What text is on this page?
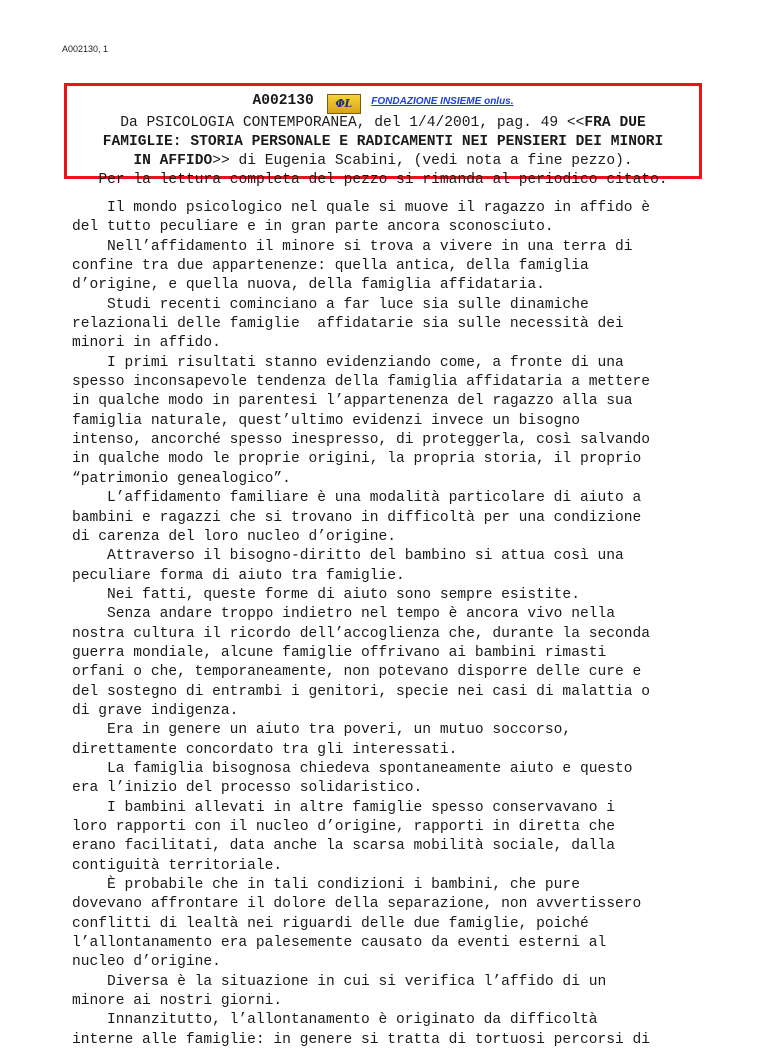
A002130, 1
A002130 ΦL FONDAZIONE INSIEME onlus.
Da PSICOLOGIA CONTEMPORANEA, del 1/4/2001, pag. 49 <<FRA DUE
FAMIGLIE: STORIA PERSONALE E RADICAMENTI NEI PENSIERI DEI MINORI
IN AFFIDO>> di Eugenia Scabini, (vedi nota a fine pezzo).
Per la lettura completa del pezzo si rimanda al periodico citato.
Il mondo psicologico nel quale si muove il ragazzo in affido è
del tutto peculiare e in gran parte ancora sconosciuto.
Nell’affidamento il minore si trova a vivere in una terra di
confine tra due appartenenze: quella antica, della famiglia
d’origine, e quella nuova, della famiglia affidataria.
Studi recenti cominciano a far luce sia sulle dinamiche
relazionali delle famiglie  affidatarie sia sulle necessità dei
minori in affido.
I primi risultati stanno evidenziando come, a fronte di una
spesso inconsapevole tendenza della famiglia affidataria a mettere
in qualche modo in parentesi l’appartenenza del ragazzo alla sua
famiglia naturale, quest’ultimo evidenzi invece un bisogno
intenso, ancorché spesso inespresso, di proteggerla, così salvando
in qualche modo le proprie origini, la propria storia, il proprio
“patrimonio genealogico”.
L’affidamento familiare è una modalità particolare di aiuto a
bambini e ragazzi che si trovano in difficoltà per una condizione
di carenza del loro nucleo d’origine.
Attraverso il bisogno-diritto del bambino si attua così una
peculiare forma di aiuto tra famiglie.
Nei fatti, queste forme di aiuto sono sempre esistite.
Senza andare troppo indietro nel tempo è ancora vivo nella
nostra cultura il ricordo dell’accoglienza che, durante la seconda
guerra mondiale, alcune famiglie offrivano ai bambini rimasti
orfani o che, temporaneamente, non potevano disporre delle cure e
del sostegno di entrambi i genitori, specie nei casi di malattia o
di grave indigenza.
Era in genere un aiuto tra poveri, un mutuo soccorso,
direttamente concordato tra gli interessati.
La famiglia bisognosa chiedeva spontaneamente aiuto e questo
era l’inizio del processo solidaristico.
I bambini allevati in altre famiglie spesso conservavano i
loro rapporti con il nucleo d’origine, rapporti in diretta che
erano facilitati, data anche la scarsa mobilità sociale, dalla
contiguità territoriale.
È probabile che in tali condizioni i bambini, che pure
dovevano affrontare il dolore della separazione, non avvertissero
conflitti di lealtà nei riguardi delle due famiglie, poiché
l’allontanamento era palesemente causato da eventi esterni al
nucleo d’origine.
Diversa è la situazione in cui si verifica l’affido di un
minore ai nostri giorni.
Innanzitutto, l’allontanamento è originato da difficoltà
interne alle famiglie: in genere si tratta di tortuosi percorsi di
